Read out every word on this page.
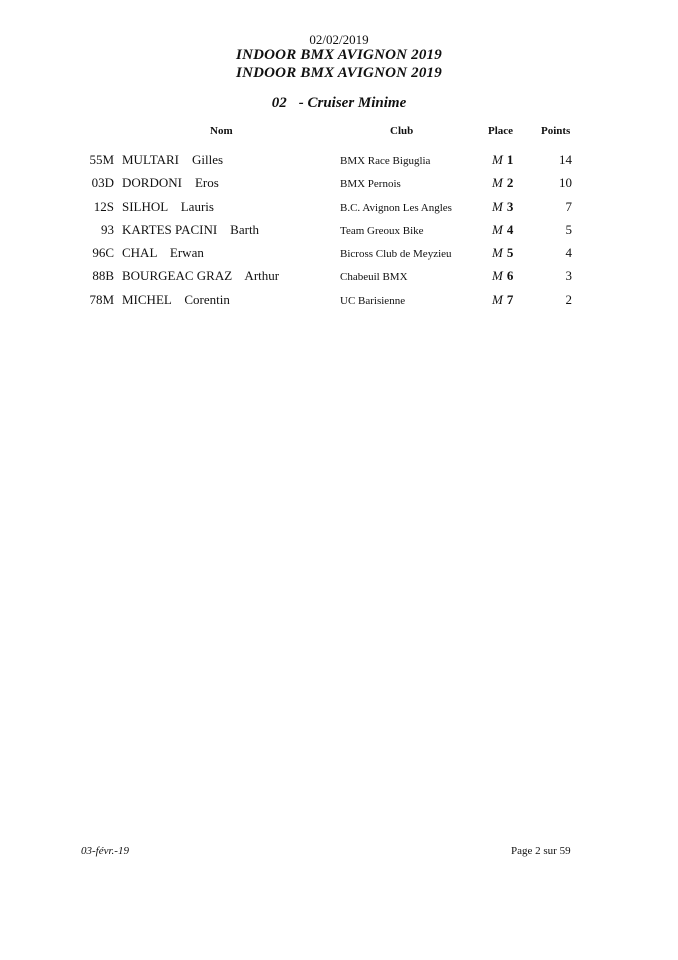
02/02/2019
INDOOR BMX AVIGNON 2019
INDOOR BMX AVIGNON 2019
02 - Cruiser Minime
Nom	Club	Place	Points
55M MULTARI    Gilles	BMX Race Biguglia	M 1	14
03D DORDONI    Eros	BMX Pernois	M 2	10
12S SILHOL    Lauris	B.C. Avignon Les Angles	M 3	7
93 KARTES PACINI    Barth	Team Greoux Bike	M 4	5
96C CHAL    Erwan	Bicross Club de Meyzieu	M 5	4
88B BOURGEAC GRAZ    Arthur	Chabeuil BMX	M 6	3
78M MICHEL    Corentin	UC Barisienne	M 7	2
03-févr.-19	Page 2 sur 59
